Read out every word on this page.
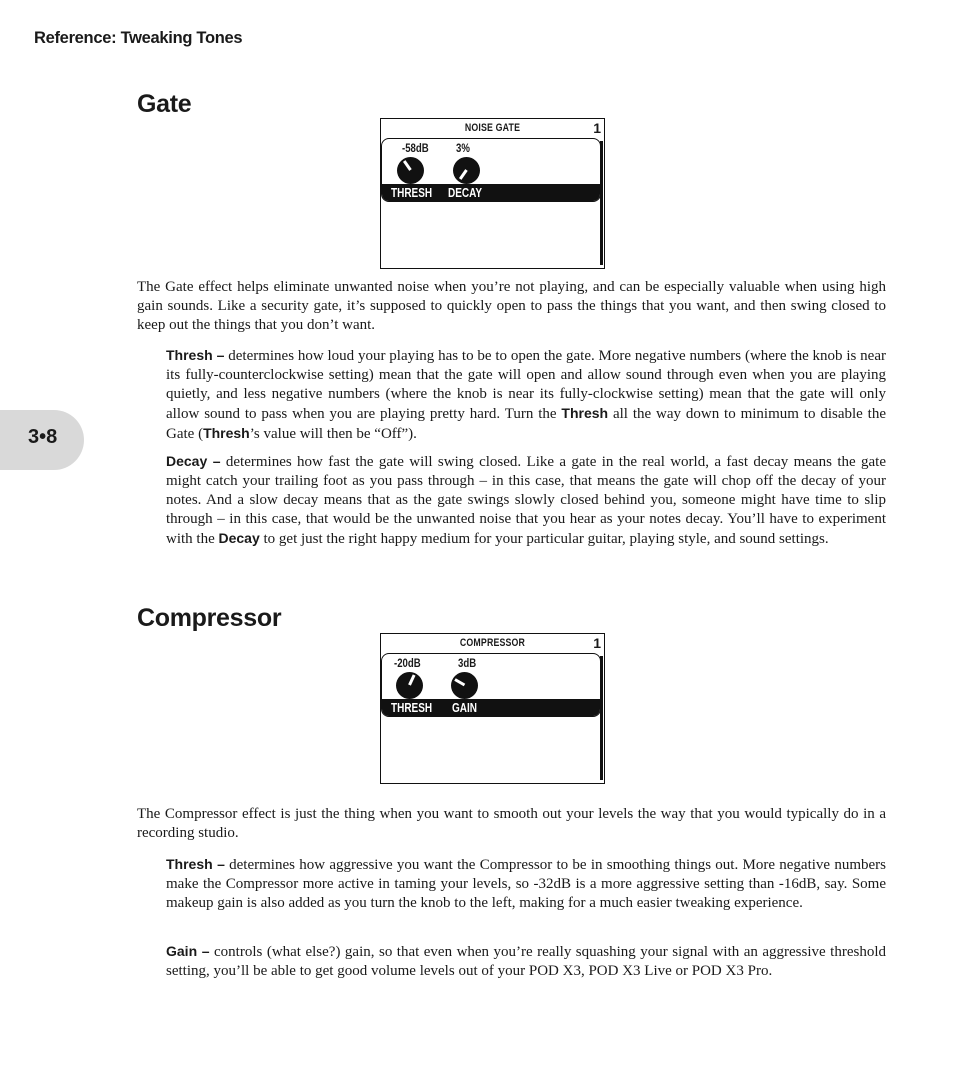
Reference: Tweaking Tones
3•8
Gate
NOISE GATE	1
-58dB 3%
THRESH DECAY

The Gate effect helps eliminate unwanted noise when you’re not playing, and can be especially valuable when using high gain sounds. Like a security gate, it’s supposed to quickly open to pass the things that you want, and then swing closed to keep out the things that you don’t want.

Thresh – determines how loud your playing has to be to open the gate. More negative numbers (where the knob is near its fully-counterclockwise setting) mean that the gate will open and allow sound through even when you are playing quietly, and less negative numbers (where the knob is near its fully-clockwise setting) mean that the gate will only allow sound to pass when you are playing pretty hard. Turn the Thresh all the way down to minimum to disable the Gate (Thresh’s value will then be “Off”).

Decay – determines how fast the gate will swing closed. Like a gate in the real world, a fast decay means the gate might catch your trailing foot as you pass through – in this case, that means the gate will chop off the decay of your notes. And a slow decay means that as the gate swings slowly closed behind you, someone might have time to slip through – in this case, that would be the unwanted noise that you hear as your notes decay. You’ll have to experiment with the Decay to get just the right happy medium for your particular guitar, playing style, and sound settings.

Compressor
COMPRESSOR	1
-20dB	3dB
THRESH GAIN

The Compressor effect is just the thing when you want to smooth out your levels the way that you would typically do in a recording studio.

Thresh – determines how aggressive you want the Compressor to be in smoothing things out. More negative numbers make the Compressor more active in taming your levels, so -32dB is a more aggressive setting than -16dB, say. Some makeup gain is also added as you turn the knob to the left, making for a much easier tweaking experience.

Gain – controls (what else?) gain, so that even when you’re really squashing your signal with an aggressive threshold setting, you’ll be able to get good volume levels out of your POD X3, POD X3 Live or POD X3 Pro.
